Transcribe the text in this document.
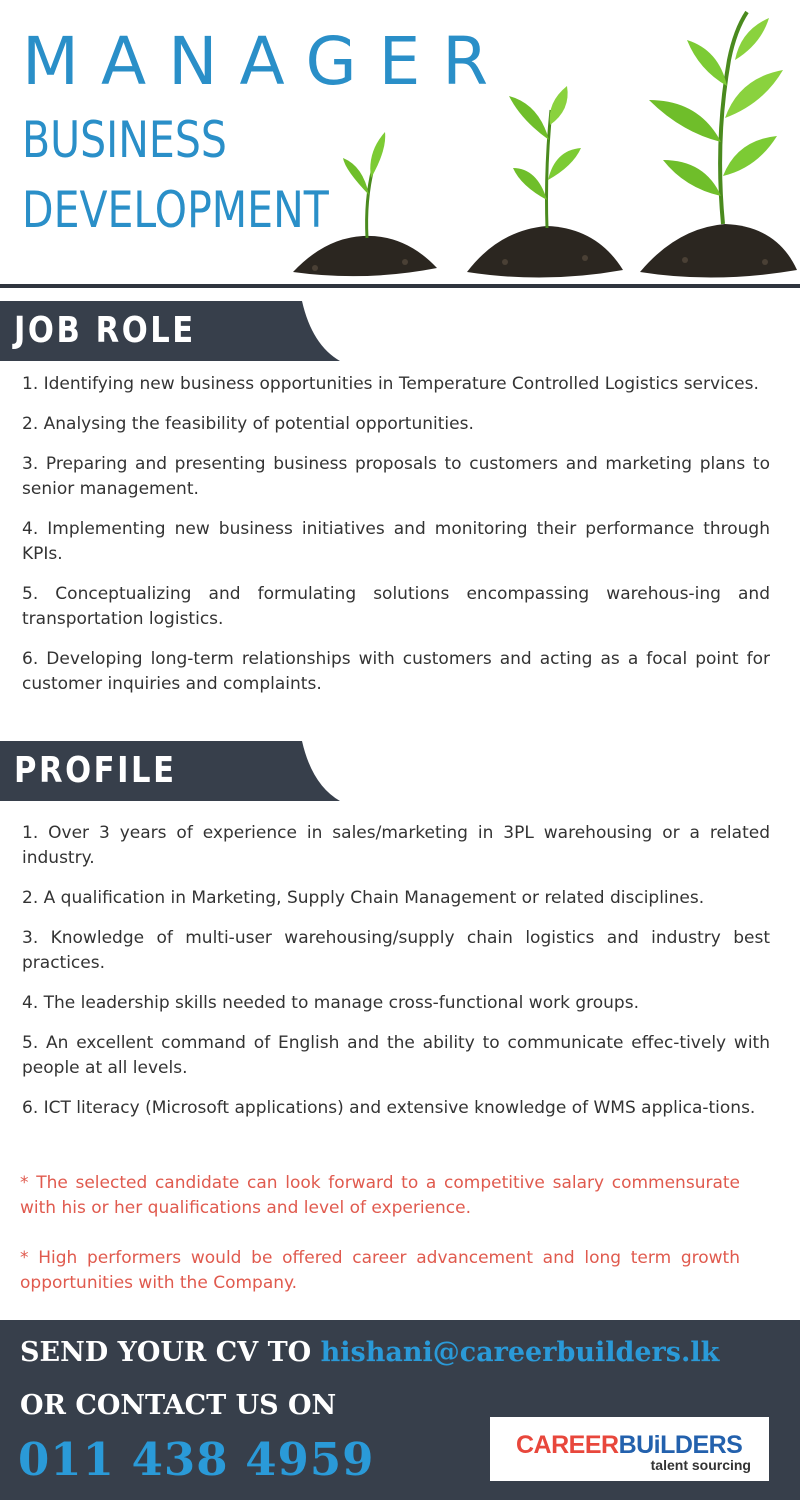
MANAGER
BUSINESS
DEVELOPMENT
JOB ROLE

1. Identifying new business opportunities in Temperature Controlled Logistics services.

2. Analysing the feasibility of potential opportunities.

3. Preparing and presenting business proposals to customers and marketing plans to senior management.

4. Implementing new business initiatives and monitoring their performance through KPIs.

5. Conceptualizing and formulating solutions encompassing warehous-ing and transportation logistics.

6. Developing long-term relationships with customers and acting as a focal point for customer inquiries and complaints.

PROFILE

1. Over 3 years of experience in sales/marketing in 3PL warehousing or a related industry.

2. A qualification in Marketing, Supply Chain Management or related disciplines.

3. Knowledge of multi-user warehousing/supply chain logistics and industry best practices.

4. The leadership skills needed to manage cross-functional work groups.

5. An excellent command of English and the ability to communicate effec-tively with people at all levels.

6. ICT literacy (Microsoft applications) and extensive knowledge of WMS applica-tions.

* The selected candidate can look forward to a competitive salary commensurate with his or her qualifications and level of experience.

* High performers would be offered career advancement and long term growth opportunities with the Company.

SEND YOUR CV TO hishani@careerbuilders.lk
OR CONTACT US ON
011 438 4959	CAREERBUiLDERS
talent sourcing
